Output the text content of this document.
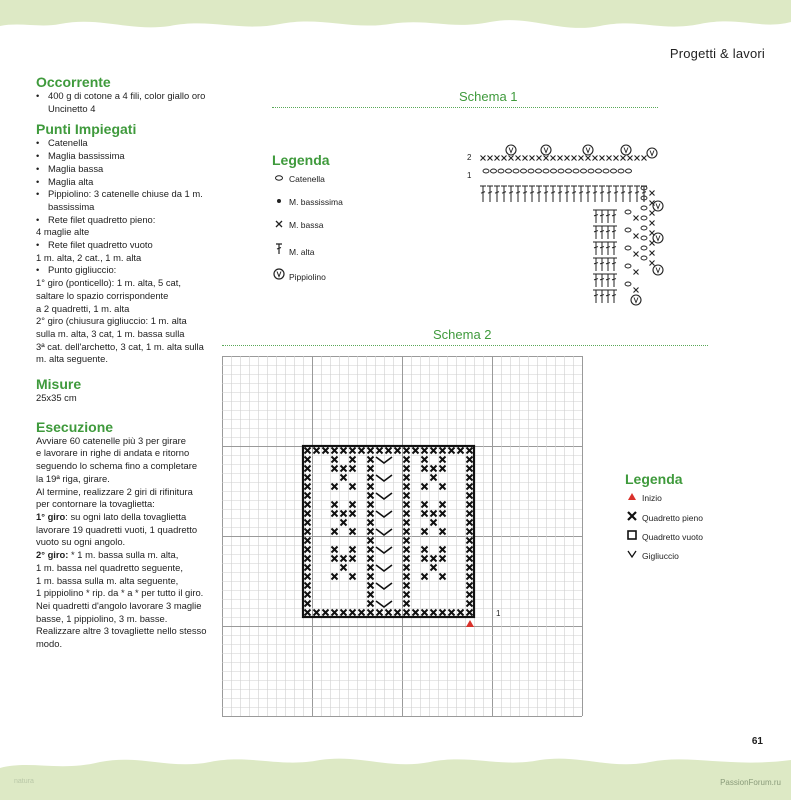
Progetti & lavori
Occorrente
• 400 g di cotone a 4 fili, color giallo oro
Uncinetto 4
Punti Impiegati
• Catenella
• Maglia bassissima
• Maglia bassa
• Maglia alta
• Pippiolino: 3 catenelle chiuse da 1 m.
bassissima
• Rete filet quadretto pieno:
4 maglie alte
• Rete filet quadretto vuoto
1 m. alta, 2 cat., 1 m. alta
• Punto gigliuccio:
1° giro (ponticello): 1 m. alta, 5 cat,
saltare lo spazio corrispondente
a 2 quadretti, 1 m. alta
2° giro (chiusura gigliuccio: 1 m. alta
sulla m. alta, 3 cat, 1 m. bassa sulla
3ª cat. dell'archetto, 3 cat, 1 m. alta sulla
m. alta seguente.
Misure
25x35 cm
Esecuzione
Avviare 60 catenelle più 3 per girare
e lavorare in righe di andata e ritorno
seguendo lo schema fino a completare
la 19ª riga, girare.
Al termine, realizzare 2 giri di rifinitura
per contornare la tovaglietta:
1° giro: su ogni lato della tovaglietta
lavorare 19 quadretti vuoti, 1 quadretto
vuoto su ogni angolo.
2° giro: * 1 m. bassa sulla m. alta,
1 m. bassa nel quadretto seguente,
1 m. bassa sulla m. alta seguente,
1 pippiolino * rip. da * a * per tutto il giro.
Nei quadretti d'angolo lavorare 3 maglie
basse, 1 pippiolino, 3 m. basse.
Realizzare altre 3 tovagliette nello stesso
modo.
Schema 1
Legenda
Catenella
M. bassissima
M. bassa
M. alta
Pippiolino
2
1
Schema 2
1
Legenda
Inizio
Quadretto pieno
Quadretto vuoto
Gigliuccio
61
natura	PassionForum.ru
